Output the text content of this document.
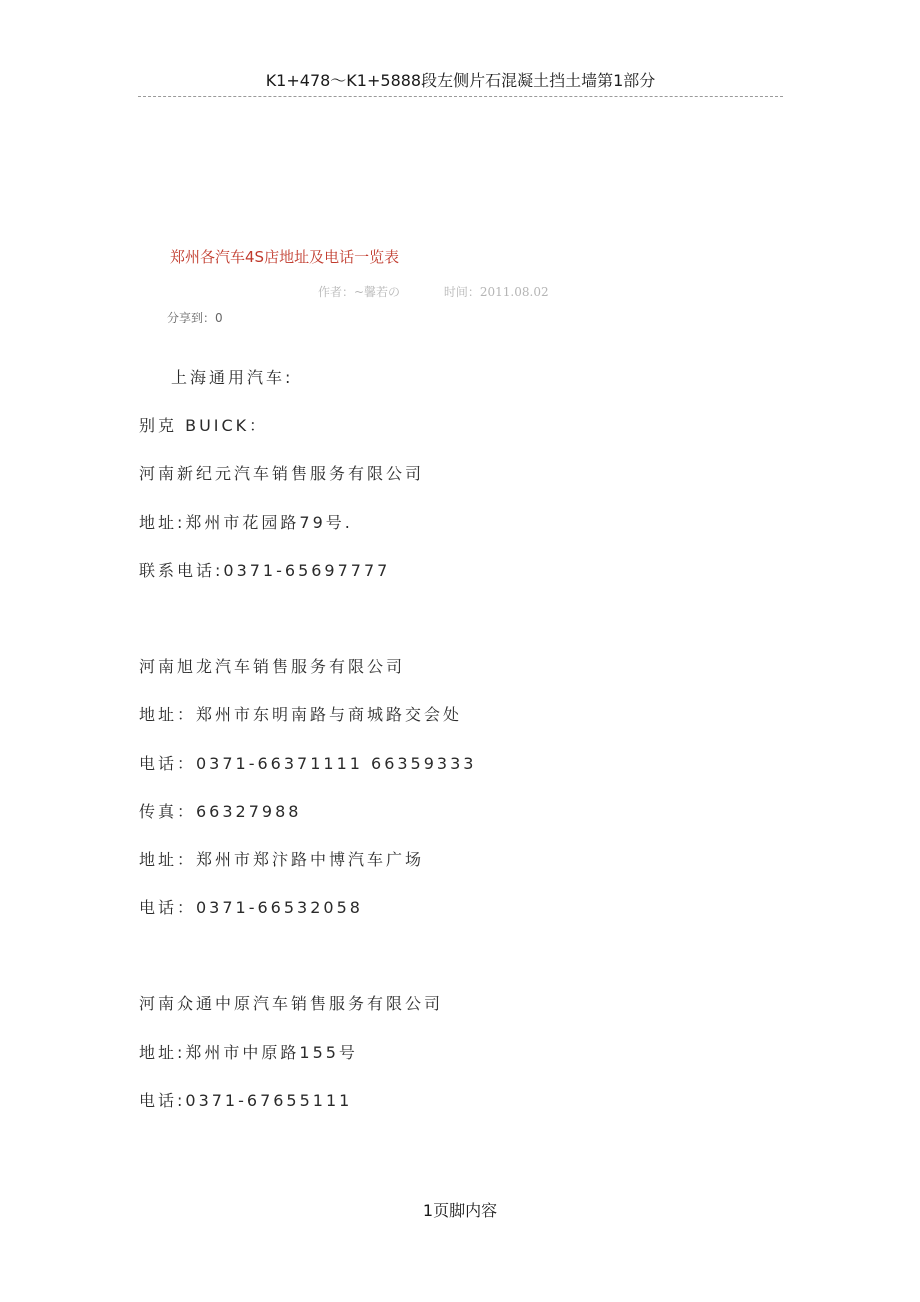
K1+478～K1+5888段左侧片石混凝土挡土墙第1部分
郑州各汽车4S店地址及电话一览表
作者：~馨若の	时间：2011.08.02
分享到：0
上海通用汽车:
别克 BUICK：
河南新纪元汽车销售服务有限公司
地址:郑州市花园路79号.
联系电话:0371-65697777
河南旭龙汽车销售服务有限公司
地址：郑州市东明南路与商城路交会处
电话：0371-66371111 66359333
传真：66327988
地址：郑州市郑汴路中博汽车广场
电话：0371-66532058
河南众通中原汽车销售服务有限公司
地址:郑州市中原路155号
电话:0371-67655111
1页脚内容
